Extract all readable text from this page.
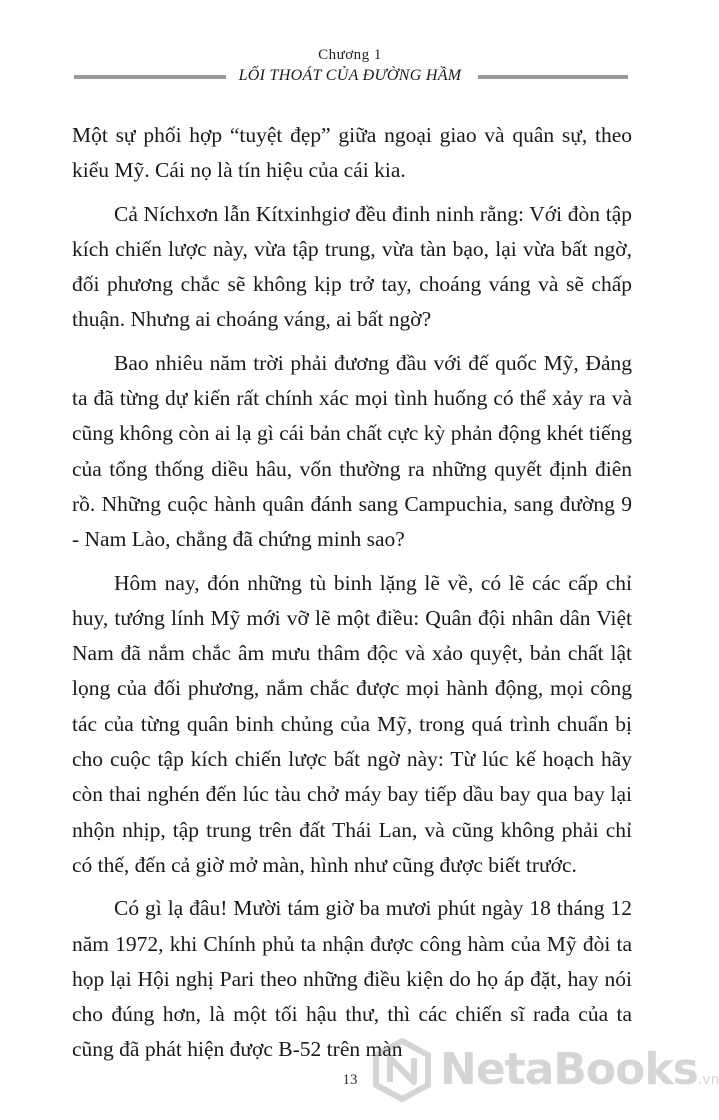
Chương 1
LỐI THOÁT CỦA ĐƯỜNG HẦM

Một sự phối hợp “tuyệt đẹp” giữa ngoại giao và quân sự, theo kiểu Mỹ. Cái nọ là tín hiệu của cái kia.

Cả Níchxơn lẫn Kítxinhgiơ đều đinh ninh rằng: Với đòn tập kích chiến lược này, vừa tập trung, vừa tàn bạo, lại vừa bất ngờ, đối phương chắc sẽ không kịp trở tay, choáng váng và sẽ chấp thuận. Nhưng ai choáng váng, ai bất ngờ?

Bao nhiêu năm trời phải đương đầu với đế quốc Mỹ, Đảng ta đã từng dự kiến rất chính xác mọi tình huống có thể xảy ra và cũng không còn ai lạ gì cái bản chất cực kỳ phản động khét tiếng của tổng thống diều hâu, vốn thường ra những quyết định điên rồ. Những cuộc hành quân đánh sang Campuchia, sang đường 9 - Nam Lào, chẳng đã chứng minh sao?

Hôm nay, đón những tù binh lặng lẽ về, có lẽ các cấp chỉ huy, tướng lính Mỹ mới vỡ lẽ một điều: Quân đội nhân dân Việt Nam đã nắm chắc âm mưu thâm độc và xảo quyệt, bản chất lật lọng của đối phương, nắm chắc được mọi hành động, mọi công tác của từng quân binh chủng của Mỹ, trong quá trình chuẩn bị cho cuộc tập kích chiến lược bất ngờ này: Từ lúc kế hoạch hãy còn thai nghén đến lúc tàu chở máy bay tiếp dầu bay qua bay lại nhộn nhịp, tập trung trên đất Thái Lan, và cũng không phải chỉ có thế, đến cả giờ mở màn, hình như cũng được biết trước.

Có gì lạ đâu! Mười tám giờ ba mươi phút ngày 18 tháng 12 năm 1972, khi Chính phủ ta nhận được công hàm của Mỹ đòi ta họp lại Hội nghị Pari theo những điều kiện do họ áp đặt, hay nói cho đúng hơn, là một tối hậu thư, thì các chiến sĩ rađa của ta cũng đã phát hiện được B-52 trên màn

13	NetaBooks.vn
